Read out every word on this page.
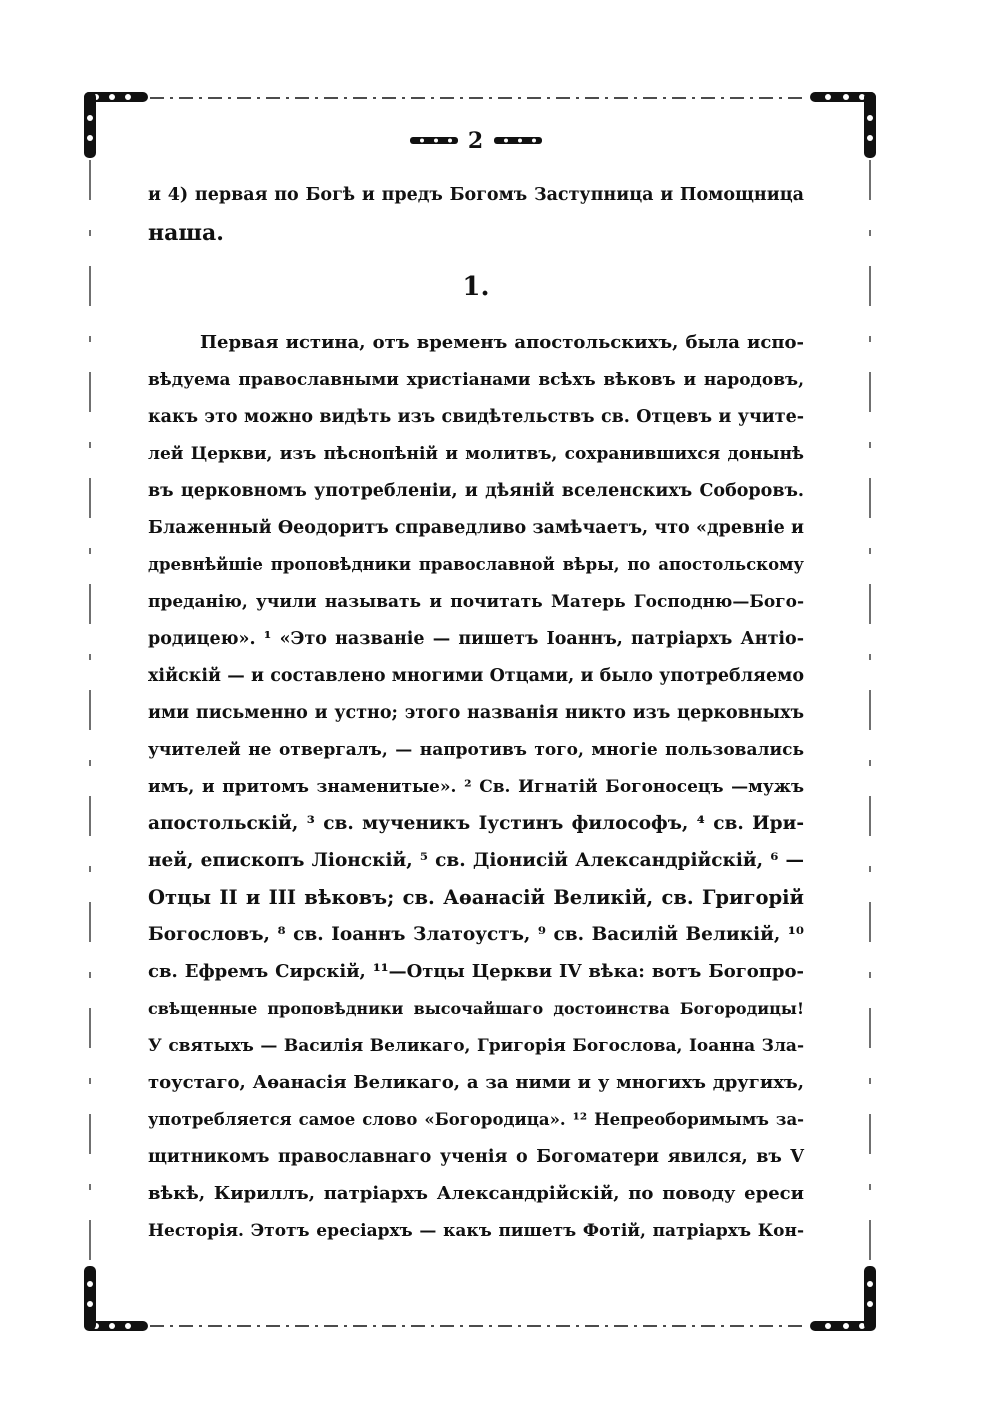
2
и 4) первая по Богѣ и предъ Богомъ Заступница и Помощница
наша.
1.
Первая истина, отъ временъ апостольскихъ, была испо-
вѣдуема православными христіанами всѣхъ вѣковъ и народовъ,
какъ это можно видѣть изъ свидѣтельствъ св. Отцевъ и учите-
лей Церкви, изъ пѣснопѣній и молитвъ, сохранившихся донынѣ
въ церковномъ употребленіи, и дѣяній вселенскихъ Соборовъ.
Блаженный Ѳеодоритъ справедливо замѣчаетъ, что «древніе и
древнѣйшіе проповѣдники православной вѣры, по апостольскому
преданію, учили называть и почитать Матерь Господню—Бого-
родицею». ¹ «Это названіе — пишетъ Іоаннъ, патріархъ Антіо-
хійскій — и составлено многими Отцами, и было употребляемо
ими письменно и устно; этого названія никто изъ церковныхъ
учителей не отвергалъ, — напротивъ того, многіе пользовались
имъ, и притомъ знаменитые». ² Св. Игнатій Богоносецъ —мужъ
апостольскій, ³ св. мученикъ Іустинъ философъ, ⁴ св. Ири-
ней, епископъ Ліонскій, ⁵ св. Діонисій Александрійскій, ⁶ —
Отцы II и III вѣковъ; св. Аѳанасій Великій, св. Григорій
Богословъ, ⁸ св. Іоаннъ Златоустъ, ⁹ св. Василій Великій, ¹⁰
св. Ефремъ Сирскій, ¹¹—Отцы Церкви IV вѣка: вотъ Богопро-
свѣщенные проповѣдники высочайшаго достоинства Богородицы!
У святыхъ — Василія Великаго, Григорія Богослова, Іоанна Зла-
тоустаго, Аѳанасія Великаго, а за ними и у многихъ другихъ,
употребляется самое слово «Богородица». ¹² Непреоборимымъ за-
щитникомъ православнаго ученія о Богоматери явился, въ V
вѣкѣ, Кириллъ, патріархъ Александрійскій, по поводу ереси
Несторія. Этотъ ересіархъ — какъ пишетъ Фотій, патріархъ Кон-
